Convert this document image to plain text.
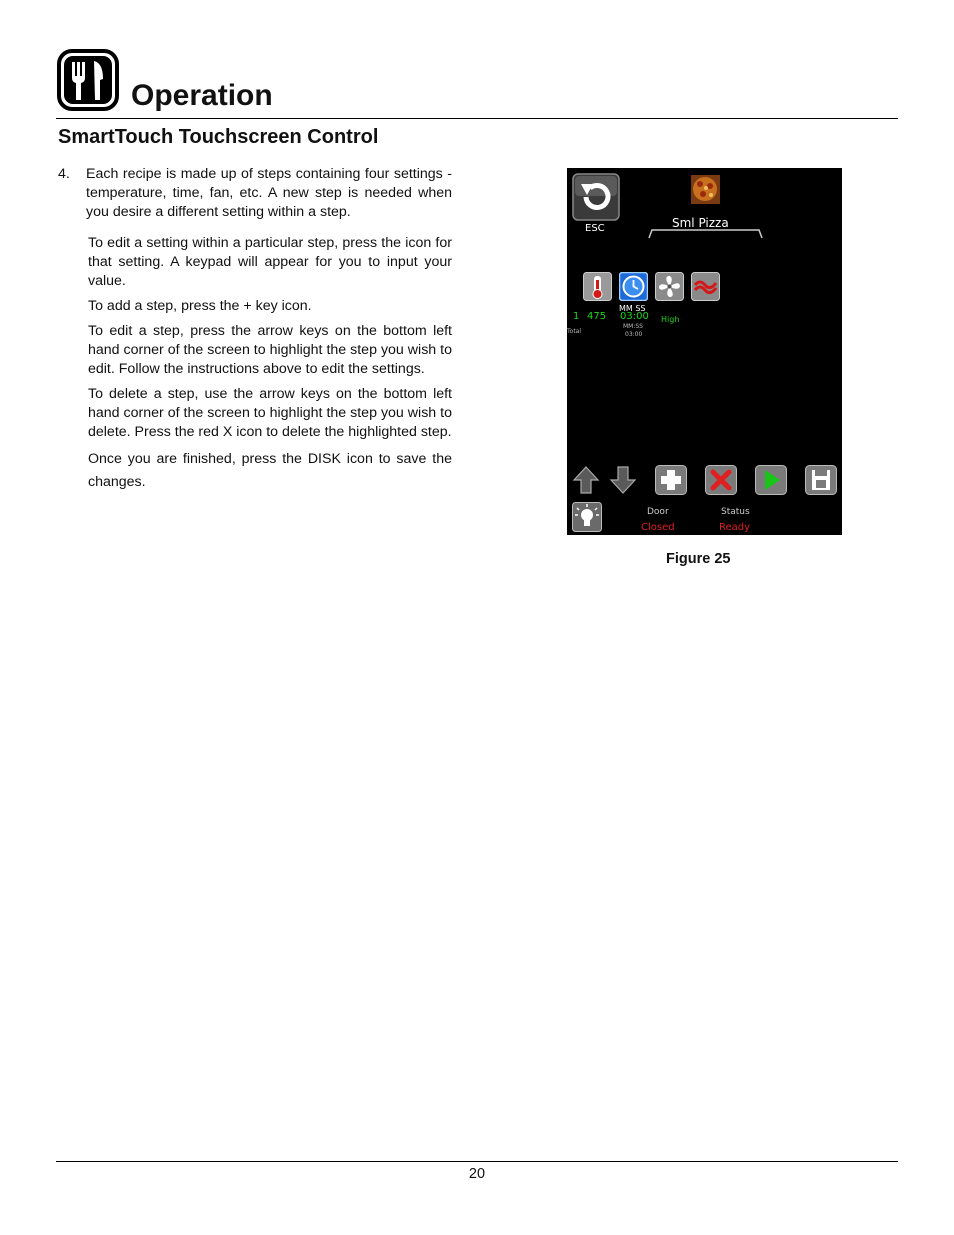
Operation
SmartTouch Touchscreen Control
4. Each recipe is made up of steps containing four settings - temperature, time, fan, etc. A new step is needed when you desire a different setting within a step.

To edit a setting within a particular step, press the icon for that setting. A keypad will appear for you to input your value.

To add a step, press the + key icon.

To edit a step, press the arrow keys on the bottom left hand corner of the screen to highlight the step you wish to edit. Follow the instructions above to edit the settings.

To delete a step, use the arrow keys on the bottom left hand corner of the screen to highlight the step you wish to delete. Press the red X icon to delete the highlighted step.

Once you are finished, press the DISK icon to save the changes.

ESC	Sml Pizza
MM SS
1 475 03:00 High
Total
MM:SS
03:00
Door
Closed
Status
Ready
Figure 25
20
